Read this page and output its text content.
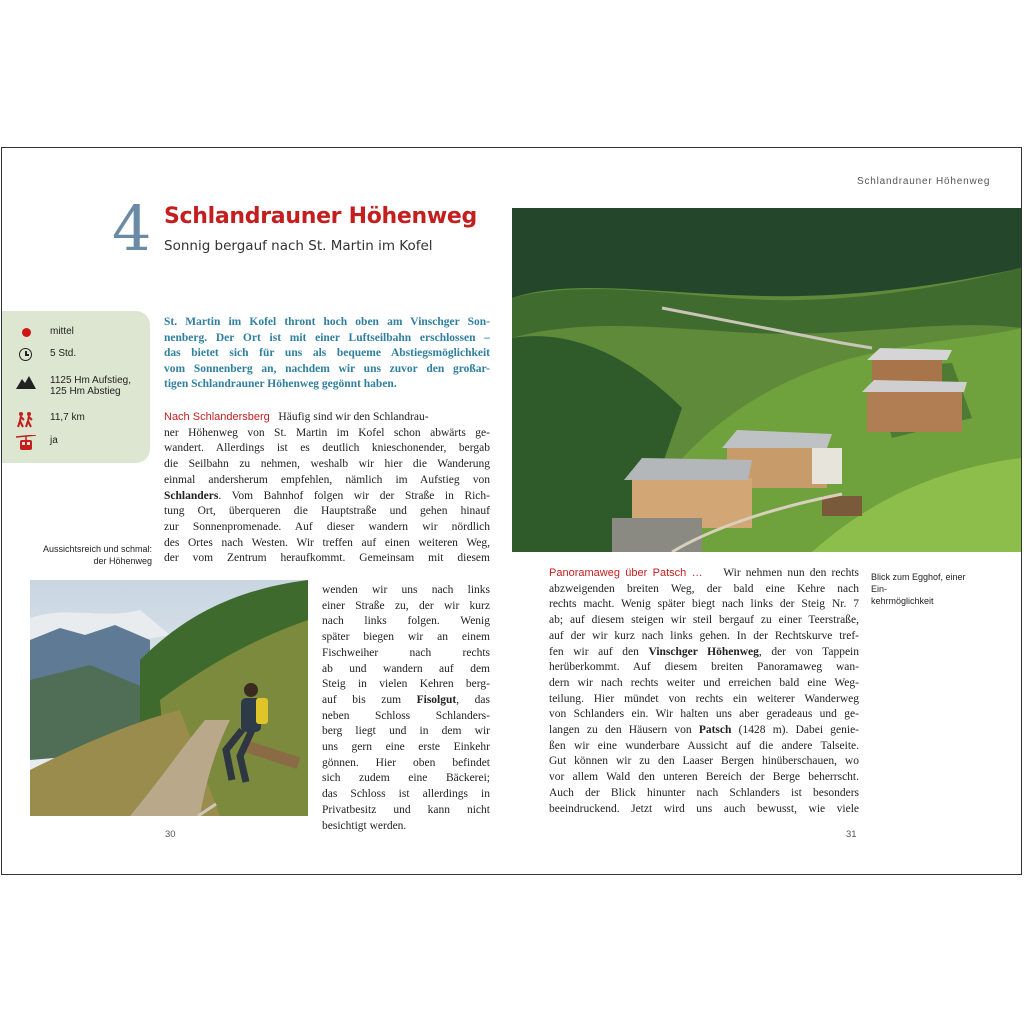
Schlandrauner Höhenweg
4 Schlandrauner Höhenweg
Sonnig bergauf nach St. Martin im Kofel
mittel
5 Std.
1125 Hm Aufstieg,
125 Hm Abstieg
11,7 km
ja
St. Martin im Kofel thront hoch oben am Vinschger Son-
nenberg. Der Ort ist mit einer Luftseilbahn erschlossen –
das bietet sich für uns als bequeme Abstiegsmöglichkeit
vom Sonnenberg an, nachdem wir uns zuvor den großar-
tigen Schlandrauner Höhenweg gegönnt haben.
Nach Schlandersberg Häufig sind wir den Schlandrau-
ner Höhenweg von St. Martin im Kofel schon abwärts ge-
wandert. Allerdings ist es deutlich knieschonender, bergab
die Seilbahn zu nehmen, weshalb wir hier die Wanderung
einmal andersherum empfehlen, nämlich im Aufstieg von
Schlanders. Vom Bahnhof folgen wir der Straße in Rich-
tung Ort, überqueren die Hauptstraße und gehen hinauf
zur Sonnenpromenade. Auf dieser wandern wir nördlich
des Ortes nach Westen. Wir treffen auf einen weiteren Weg,
der vom Zentrum heraufkommt. Gemeinsam mit diesem
wenden wir uns nach links
einer Straße zu, der wir kurz
nach links folgen. Wenig
später biegen wir an einem
Fischweiher nach rechts
ab und wandern auf dem
Steig in vielen Kehren berg-
auf bis zum Fisolgut, das
neben Schloss Schlanders-
berg liegt und in dem wir
uns gern eine erste Einkehr
gönnen. Hier oben befindet
sich zudem eine Bäckerei;
das Schloss ist allerdings in
Privatbesitz und kann nicht
besichtigt werden.
Aussichtsreich und schmal:
der Höhenweg
Blick zum Egghof, einer Ein-
kehrmöglichkeit
Panoramaweg über Patsch … Wir nehmen nun den rechts
abzweigenden breiten Weg, der bald eine Kehre nach
rechts macht. Wenig später biegt nach links der Steig Nr. 7
ab; auf diesem steigen wir steil bergauf zu einer Teerstraße,
auf der wir kurz nach links gehen. In der Rechtskurve tref-
fen wir auf den Vinschger Höhenweg, der von Tappein
herüberkommt. Auf diesem breiten Panoramaweg wan-
dern wir nach rechts weiter und erreichen bald eine Weg-
teilung. Hier mündet von rechts ein weiterer Wanderweg
von Schlanders ein. Wir halten uns aber geradeaus und ge-
langen zu den Häusern von Patsch (1428 m). Dabei genie-
ßen wir eine wunderbare Aussicht auf die andere Talseite.
Gut können wir zu den Laaser Bergen hinüberschauen, wo
vor allem Wald den unteren Bereich der Berge beherrscht.
Auch der Blick hinunter nach Schlanders ist besonders
beeindruckend. Jetzt wird uns auch bewusst, wie viele
30	31
